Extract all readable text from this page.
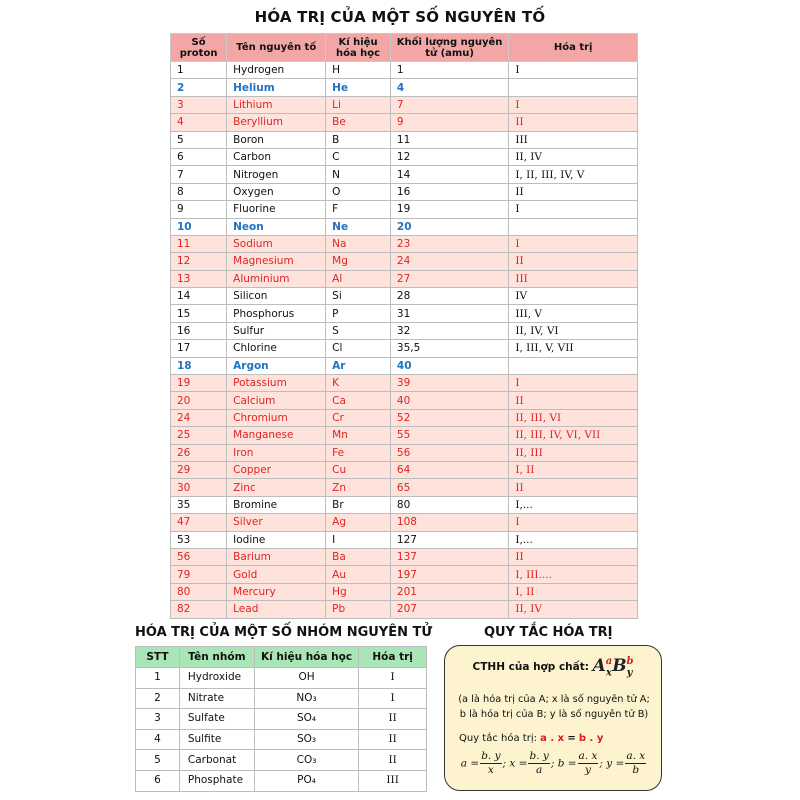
HÓA TRỊ CỦA MỘT SỐ NGUYÊN TỐ
Số proton	Tên nguyên tố	Kí hiệu hóa học	Khối lượng nguyên tử (amu)	Hóa trị
1	Hydrogen	H	1	I
2	Helium	He	4	
3	Lithium	Li	7	I
4	Beryllium	Be	9	II
5	Boron	B	11	III
6	Carbon	C	12	II, IV
7	Nitrogen	N	14	I, II, III, IV, V
8	Oxygen	O	16	II
9	Fluorine	F	19	I
10	Neon	Ne	20	
11	Sodium	Na	23	I
12	Magnesium	Mg	24	II
13	Aluminium	Al	27	III
14	Silicon	Si	28	IV
15	Phosphorus	P	31	III, V
16	Sulfur	S	32	II, IV, VI
17	Chlorine	Cl	35,5	I, III, V, VII
18	Argon	Ar	40	
19	Potassium	K	39	I
20	Calcium	Ca	40	II
24	Chromium	Cr	52	II, III, VI
25	Manganese	Mn	55	II, III, IV, VI, VII
26	Iron	Fe	56	II, III
29	Copper	Cu	64	I, II
30	Zinc	Zn	65	II
35	Bromine	Br	80	I,...
47	Silver	Ag	108	I
53	Iodine	I	127	I,...
56	Barium	Ba	137	II
79	Gold	Au	197	I, III....
80	Mercury	Hg	201	I, II
82	Lead	Pb	207	II, IV
HÓA TRỊ CỦA MỘT SỐ NHÓM NGUYÊN TỬ
STT	Tên nhóm	Kí hiệu hóa học	Hóa trị
1	Hydroxide	OH	I
2	Nitrate	NO₃	I
3	Sulfate	SO₄	II
4	Sulfite	SO₃	II
5	Carbonat	CO₃	II
6	Phosphate	PO₄	III
QUY TẮC HÓA TRỊ
CTHH của hợp chất: $A_x^aB_y^b$
(a là hóa trị của A; x là số nguyên tử A;
b là hóa trị của B; y là số nguyên tử B)
Quy tắc hóa trị: a . x = b . y
$a = \frac{b. y}{x}$ ; $x = \frac{b. y}{a}$ ; $b = \frac{a. x}{y}$ ; $y = \frac{a. x}{b}$
